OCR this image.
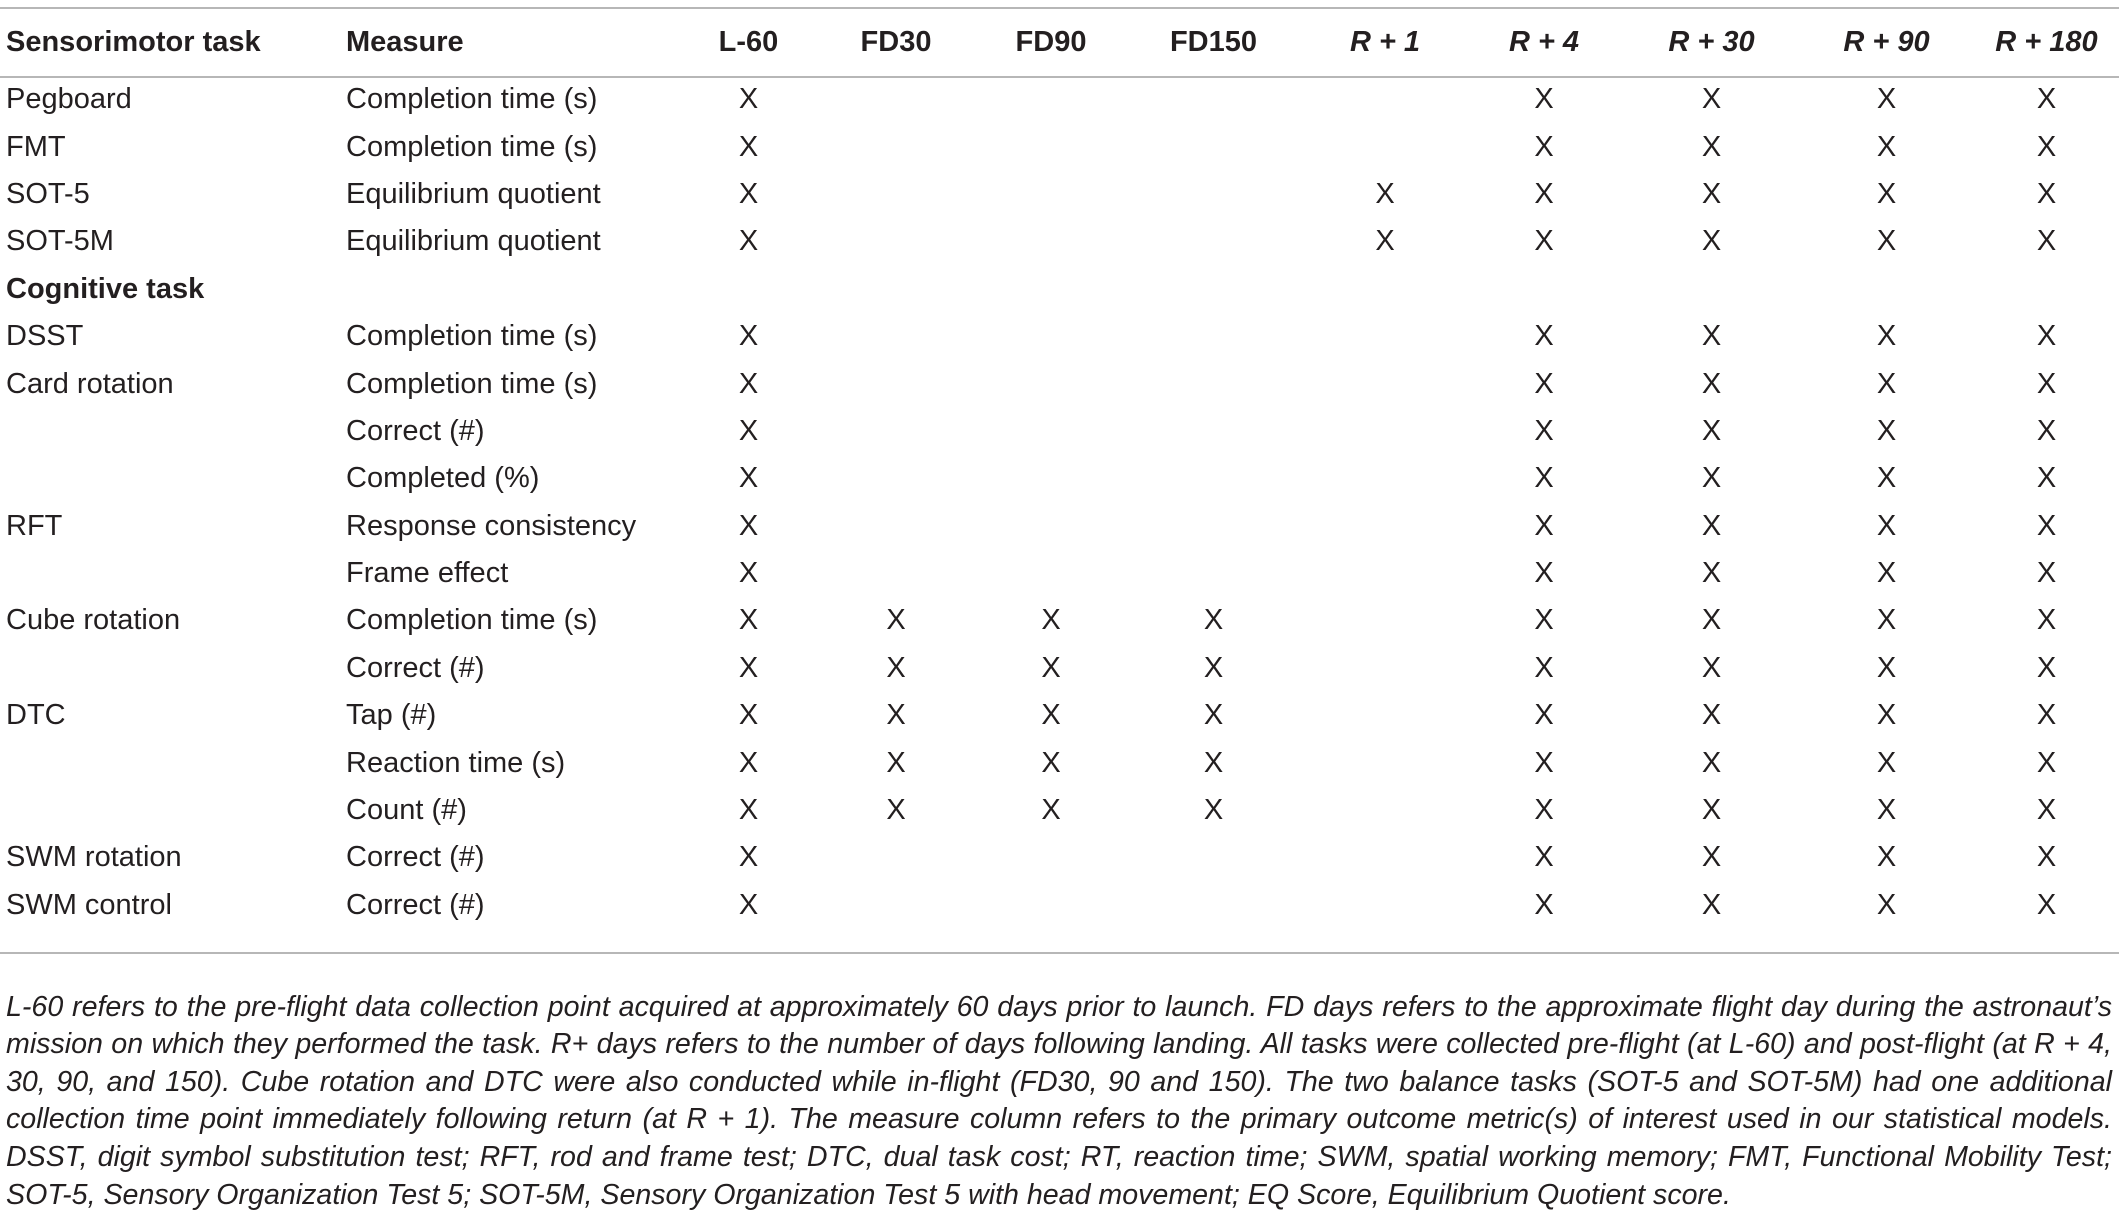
Sensorimotor task	Measure	L-60	FD30	FD90	FD150	R + 1	R + 4	R + 30	R + 90	R + 180
Pegboard	Completion time (s)	X					X	X	X	X
FMT	Completion time (s)	X					X	X	X	X
SOT-5	Equilibrium quotient	X				X	X	X	X	X
SOT-5M	Equilibrium quotient	X				X	X	X	X	X
Cognitive task										
DSST	Completion time (s)	X					X	X	X	X
Card rotation	Completion time (s)	X					X	X	X	X
	Correct (#)	X					X	X	X	X
	Completed (%)	X					X	X	X	X
RFT	Response consistency	X					X	X	X	X
	Frame effect	X					X	X	X	X
Cube rotation	Completion time (s)	X	X	X	X		X	X	X	X
	Correct (#)	X	X	X	X		X	X	X	X
DTC	Tap (#)	X	X	X	X		X	X	X	X
	Reaction time (s)	X	X	X	X		X	X	X	X
	Count (#)	X	X	X	X		X	X	X	X
SWM rotation	Correct (#)	X					X	X	X	X
SWM control	Correct (#)	X					X	X	X	X

L-60 refers to the pre-flight data collection point acquired at approximately 60 days prior to launch. FD days refers to the approximate flight day during the astronaut’s mission on which they performed the task. R+ days refers to the number of days following landing. All tasks were collected pre-flight (at L-60) and post-flight (at R + 4, 30, 90, and 150). Cube rotation and DTC were also conducted while in-flight (FD30, 90 and 150). The two balance tasks (SOT-5 and SOT-5M) had one additional collection time point immediately following return (at R + 1). The measure column refers to the primary outcome metric(s) of interest used in our statistical models. DSST, digit symbol substitution test; RFT, rod and frame test; DTC, dual task cost; RT, reaction time; SWM, spatial working memory; FMT, Functional Mobility Test; SOT-5, Sensory Organization Test 5; SOT-5M, Sensory Organization Test 5 with head movement; EQ Score, Equilibrium Quotient score.
